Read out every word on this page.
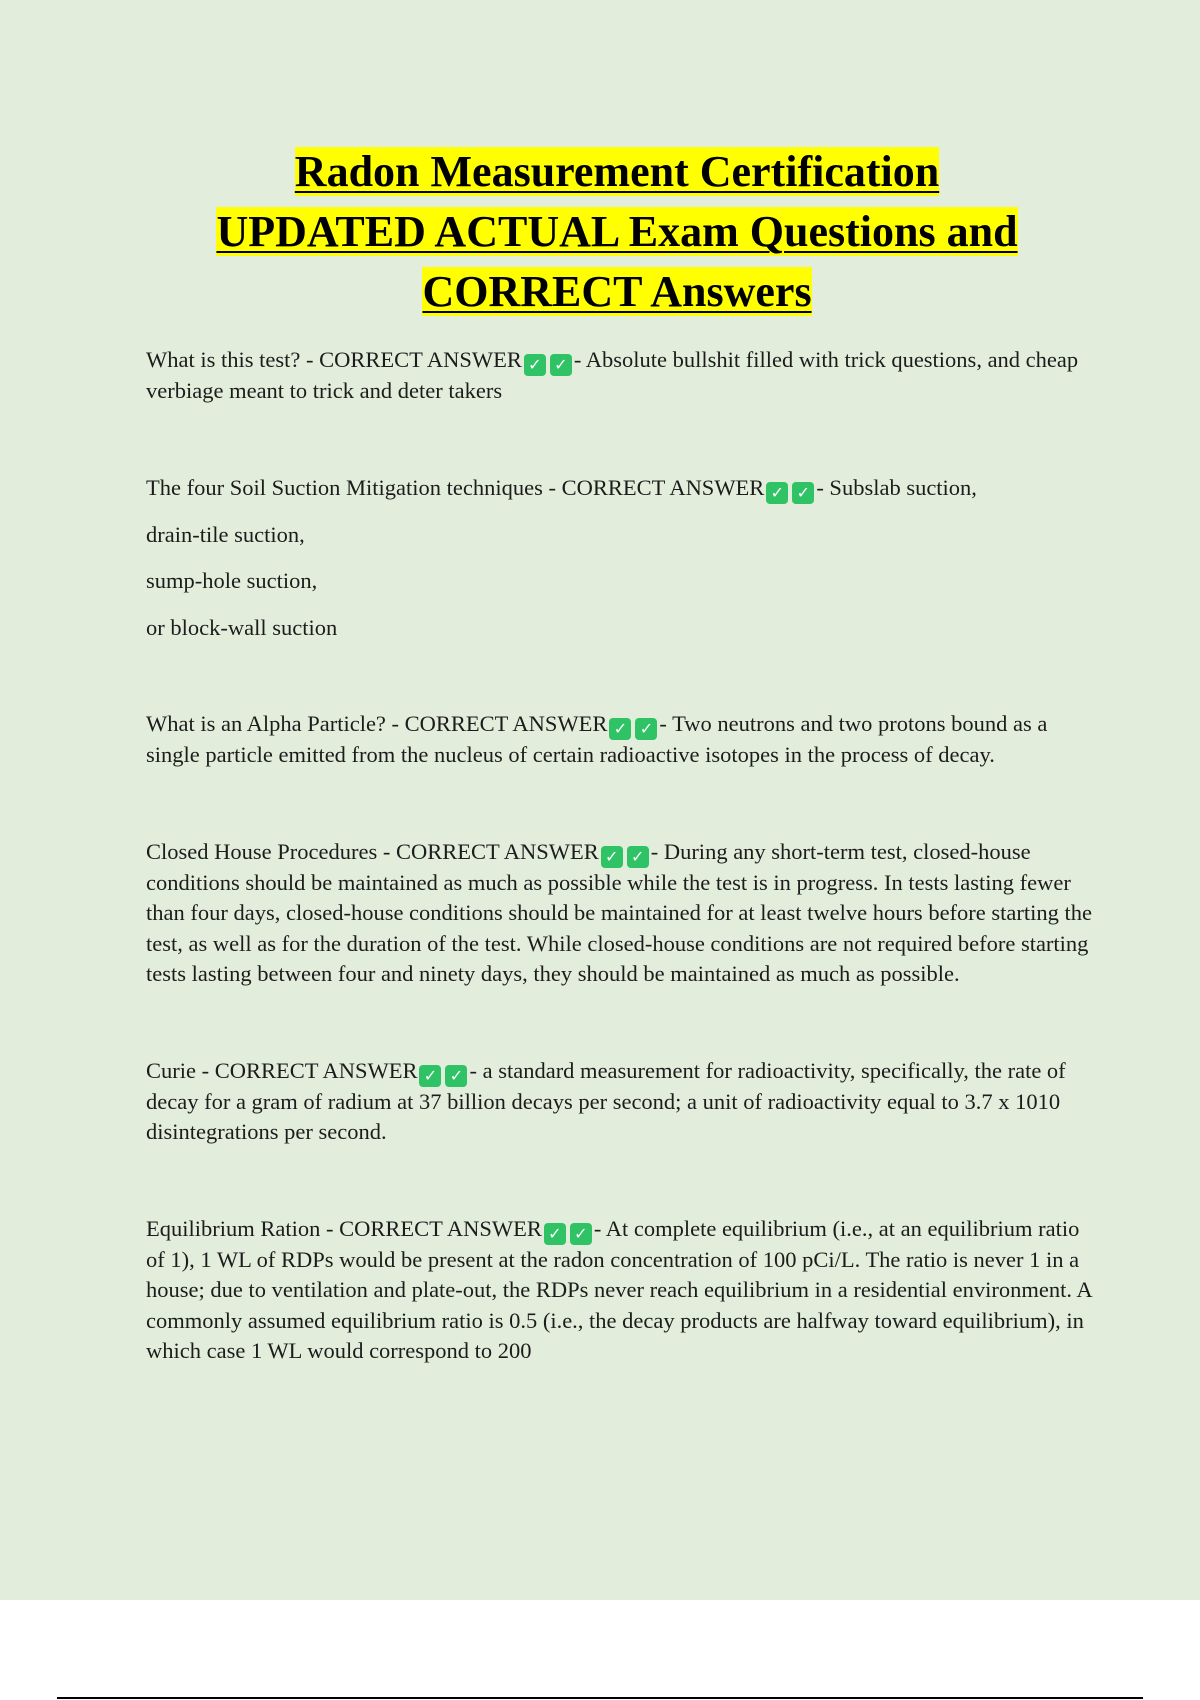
Radon Measurement Certification
UPDATED ACTUAL Exam Questions and
CORRECT Answers

What is this test? - CORRECT ANSWER ✓ ✓ - Absolute bullshit filled with trick questions, and cheap verbiage meant to trick and deter takers

The four Soil Suction Mitigation techniques - CORRECT ANSWER ✓ ✓ - Subslab suction,

drain-tile suction,

sump-hole suction,

or block-wall suction

What is an Alpha Particle? - CORRECT ANSWER ✓ ✓ - Two neutrons and two protons bound as a single particle emitted from the nucleus of certain radioactive isotopes in the process of decay.

Closed House Procedures - CORRECT ANSWER ✓ ✓ - During any short-term test, closed-house conditions should be maintained as much as possible while the test is in progress. In tests lasting fewer than four days, closed-house conditions should be maintained for at least twelve hours before starting the test, as well as for the duration of the test. While closed-house conditions are not required before starting tests lasting between four and ninety days, they should be maintained as much as possible.

Curie - CORRECT ANSWER ✓ ✓ - a standard measurement for radioactivity, specifically, the rate of decay for a gram of radium at 37 billion decays per second; a unit of radioactivity equal to 3.7 x 1010 disintegrations per second.

Equilibrium Ration - CORRECT ANSWER ✓ ✓ - At complete equilibrium (i.e., at an equilibrium ratio of 1), 1 WL of RDPs would be present at the radon concentration of 100 pCi/L. The ratio is never 1 in a house; due to ventilation and plate-out, the RDPs never reach equilibrium in a residential environment. A commonly assumed equilibrium ratio is 0.5 (i.e., the decay products are halfway toward equilibrium), in which case 1 WL would correspond to 200
